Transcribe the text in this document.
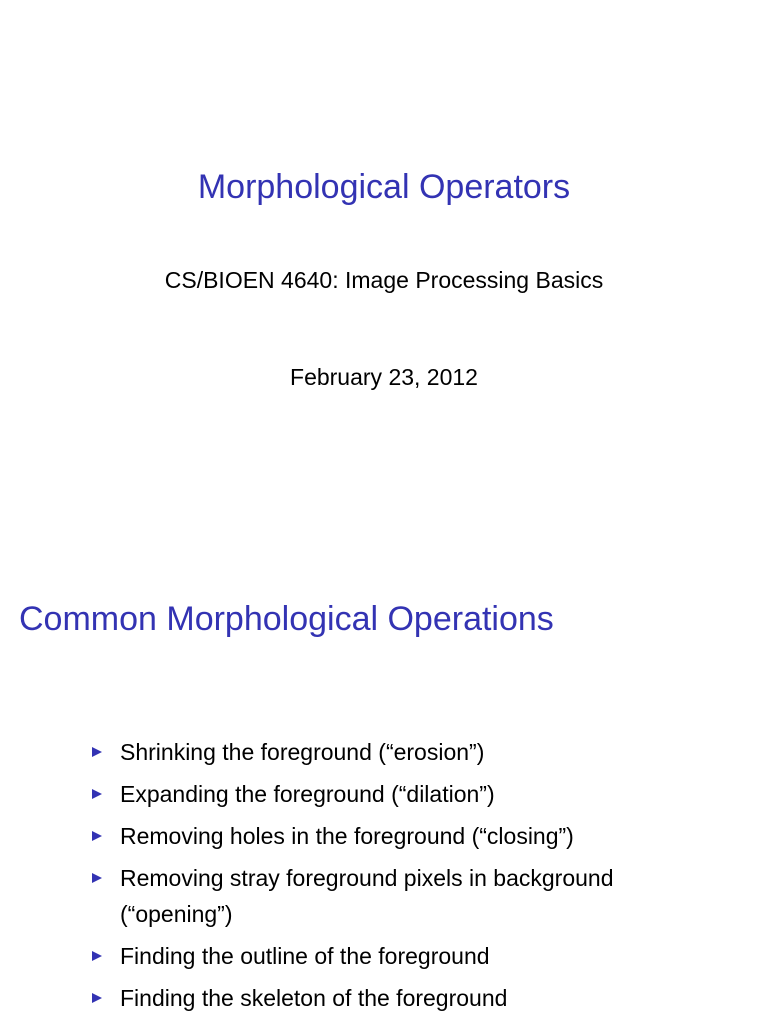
Morphological Operators

CS/BIOEN 4640: Image Processing Basics

February 23, 2012

Common Morphological Operations
Shrinking the foreground (“erosion”)
Expanding the foreground (“dilation”)
Removing holes in the foreground (“closing”)
Removing stray foreground pixels in background (“opening”)
Finding the outline of the foreground
Finding the skeleton of the foreground
